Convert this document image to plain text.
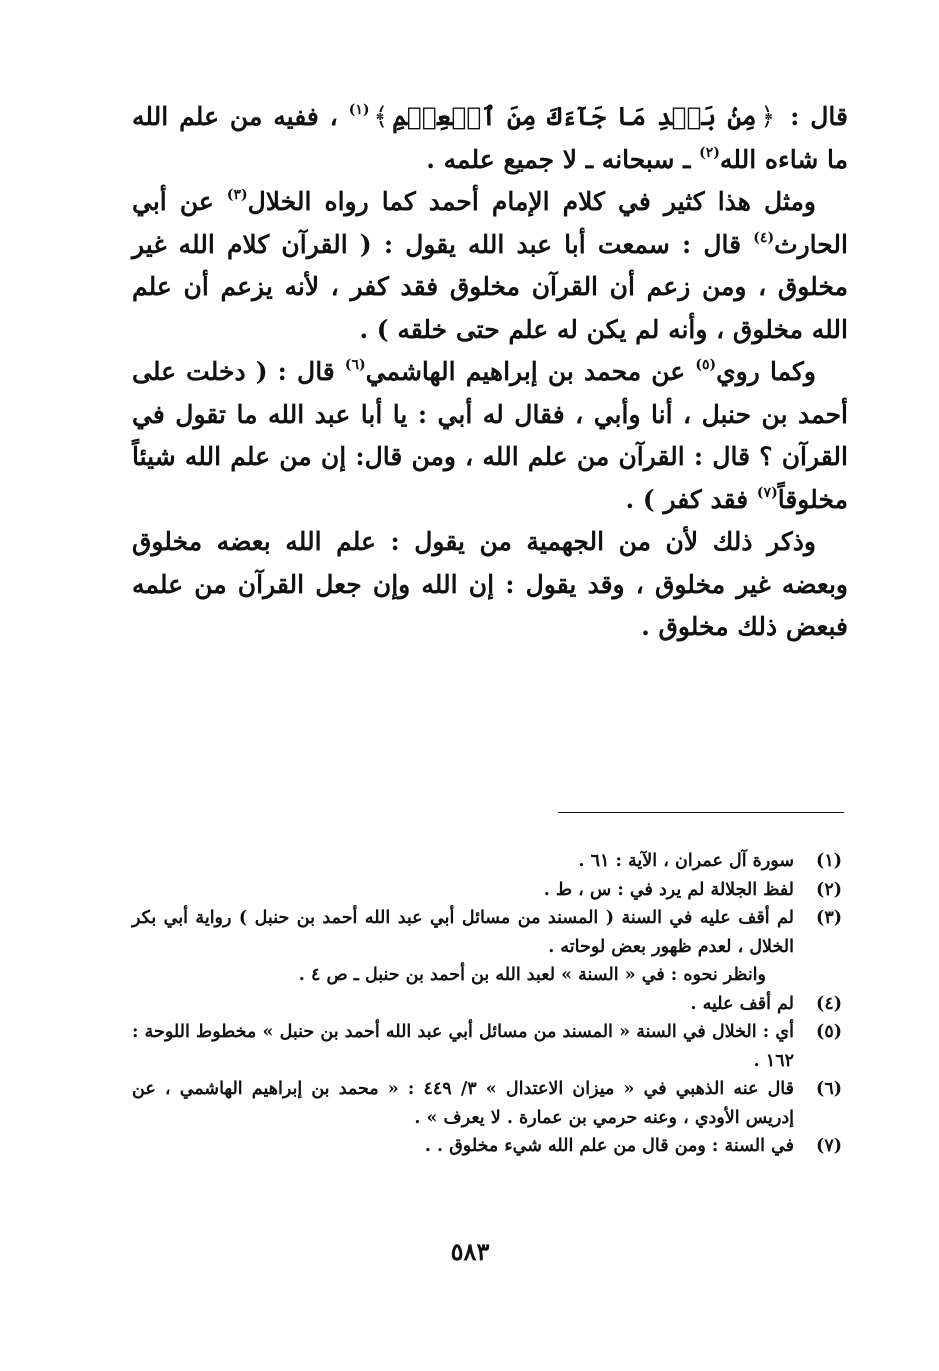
قال : ﴿مِنۢ بَعۡدِ مَا جَآءَكَ مِنَ ٱلۡعِلۡمِ﴾$^{(١)}$ ، ففيه من علم الله ما شاءه الله$^{(٢)}$ ـ سبحانه ـ لا جميع علمه .

ومثل هذا كثير في كلام الإمام أحمد كما رواه الخلال$^{(٣)}$ عن أبي الحارث$^{(٤)}$ قال : سمعت أبا عبد الله يقول : ( القرآن كلام الله غير مخلوق ، ومن زعم أن القرآن مخلوق فقد كفر ، لأنه يزعم أن علم الله مخلوق ، وأنه لم يكن له علم حتى خلقه ) .

وكما روي$^{(٥)}$ عن محمد بن إبراهيم الهاشمي$^{(٦)}$ قال : ( دخلت على أحمد بن حنبل ، أنا وأبي ، فقال له أبي : يا أبا عبد الله ما تقول في القرآن ؟ قال : القرآن من علم الله ، ومن قال: إن من علم الله شيئاً مخلوقاً$^{(٧)}$ فقد كفر ) .

وذكر ذلك لأن من الجهمية من يقول : علم الله بعضه مخلوق وبعضه غير مخلوق ، وقد يقول : إن الله وإن جعل القرآن من علمه فبعض ذلك مخلوق .

(١)
سورة آل عمران ، الآية : ٦١ .
(٢)
لفظ الجلالة لم يرد في : س ، ط .
(٣)
لم أقف عليه في السنة ( المسند من مسائل أبي عبد الله أحمد بن حنبل ) رواية أبي بكر الخلال ، لعدم ظهور بعض لوحاته .
وانظر نحوه : في « السنة » لعبد الله بن أحمد بن حنبل ـ ص ٤ .
(٤)
لم أقف عليه .
(٥)
أي : الخلال في السنة « المسند من مسائل أبي عبد الله أحمد بن حنبل » مخطوط اللوحة : ١٦٢ .
(٦)
قال عنه الذهبي في « ميزان الاعتدال » ٣/ ٤٤٩ : « محمد بن إبراهيم الهاشمي ، عن إدريس الأودي ، وعنه حرمي بن عمارة . لا يعرف » .
(٧)
في السنة : ومن قال من علم الله شيء مخلوق . .
٥٨٣
